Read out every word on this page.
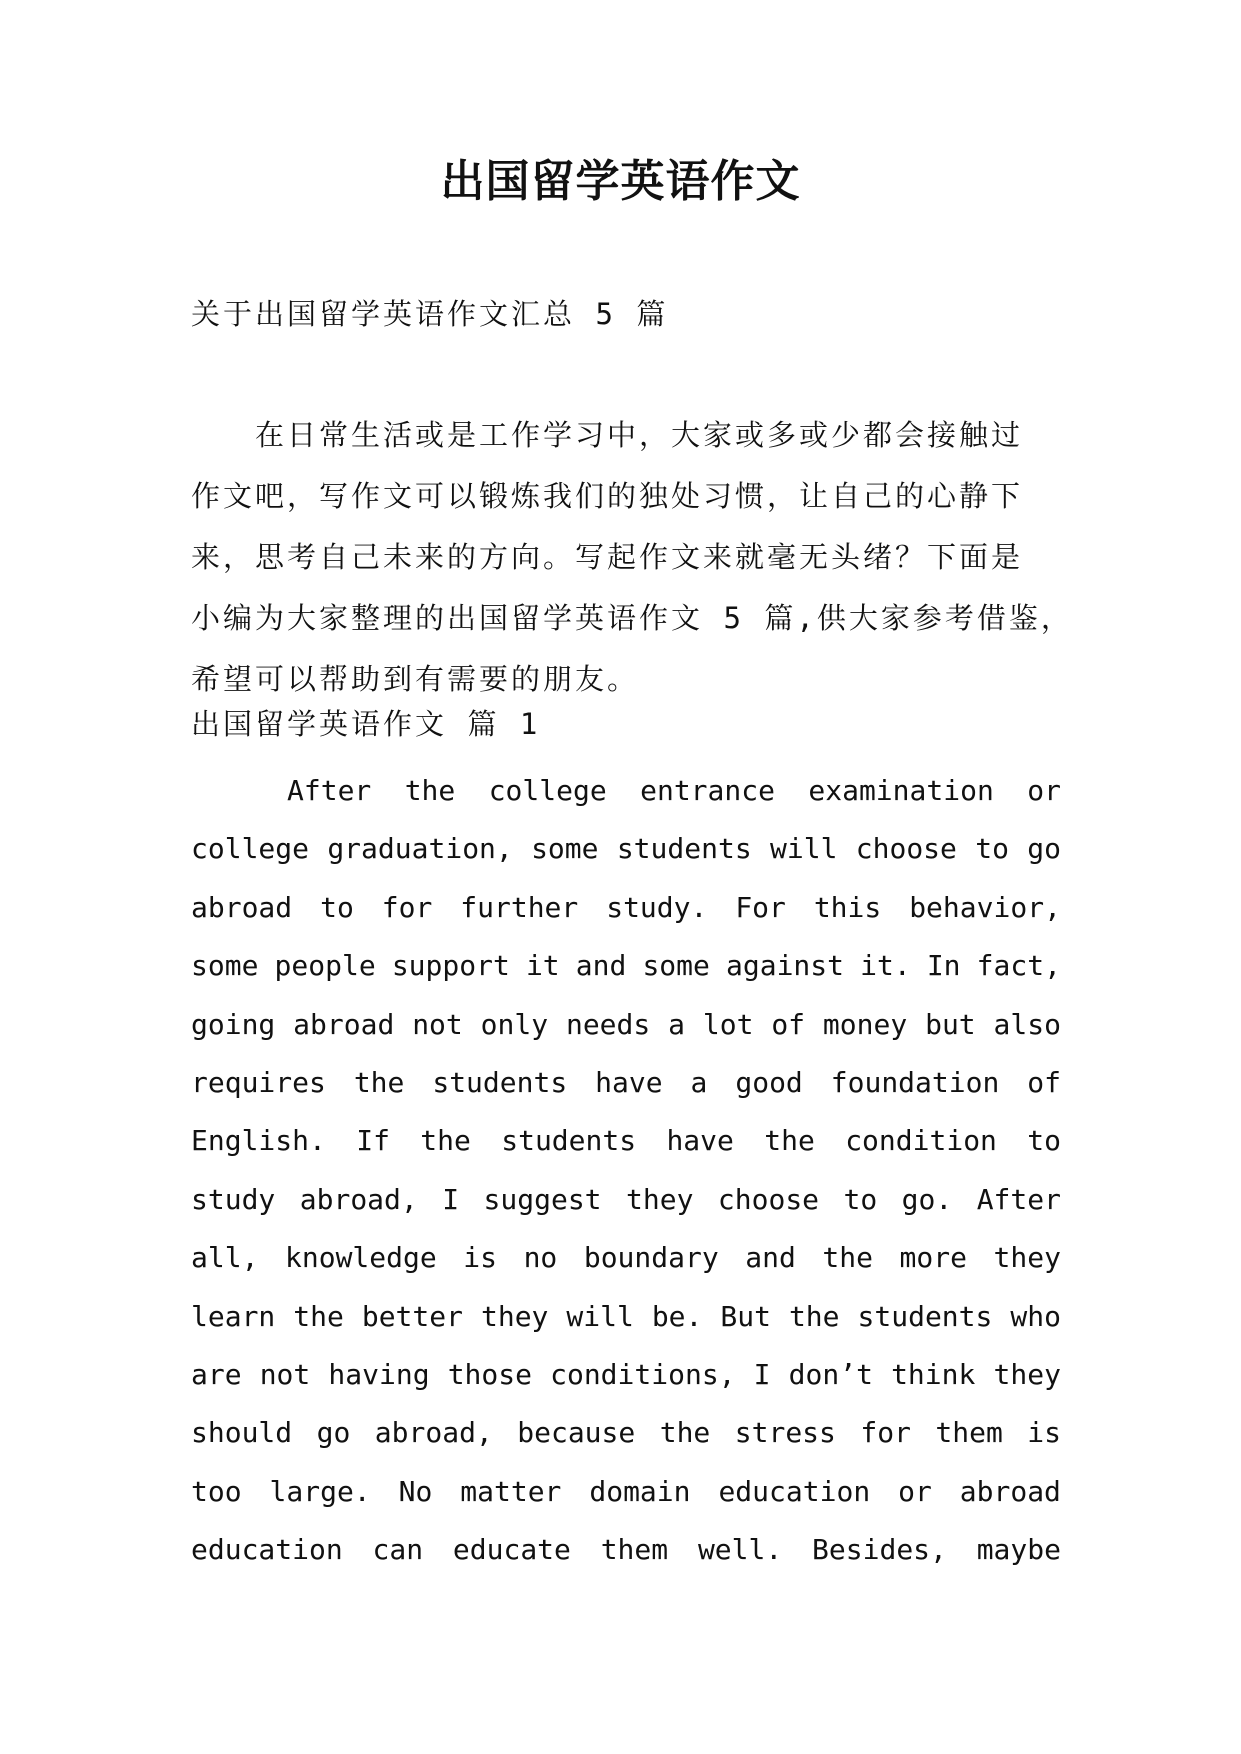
出国留学英语作文
关于出国留学英语作文汇总 5 篇
　　在日常生活或是工作学习中，大家或多或少都会接触过
作文吧，写作文可以锻炼我们的独处习惯，让自己的心静下
来，思考自己未来的方向。写起作文来就毫无头绪？下面是
小编为大家整理的出国留学英语作文 5 篇,供大家参考借鉴，
希望可以帮助到有需要的朋友。
出国留学英语作文 篇 1
After the college entrance examination or
college graduation, some students will choose to go
abroad to for further study. For this behavior,
some people support it and some against it. In fact,
going abroad not only needs a lot of money but also
requires the students have a good foundation of
English. If the students have the condition to
study abroad, I suggest they choose to go. After
all, knowledge is no boundary and the more they
learn the better they will be. But the students who
are not having those conditions, I don’t think they
should go abroad, because the stress for them is
too large. No matter domain education or abroad
education can educate them well. Besides, maybe
